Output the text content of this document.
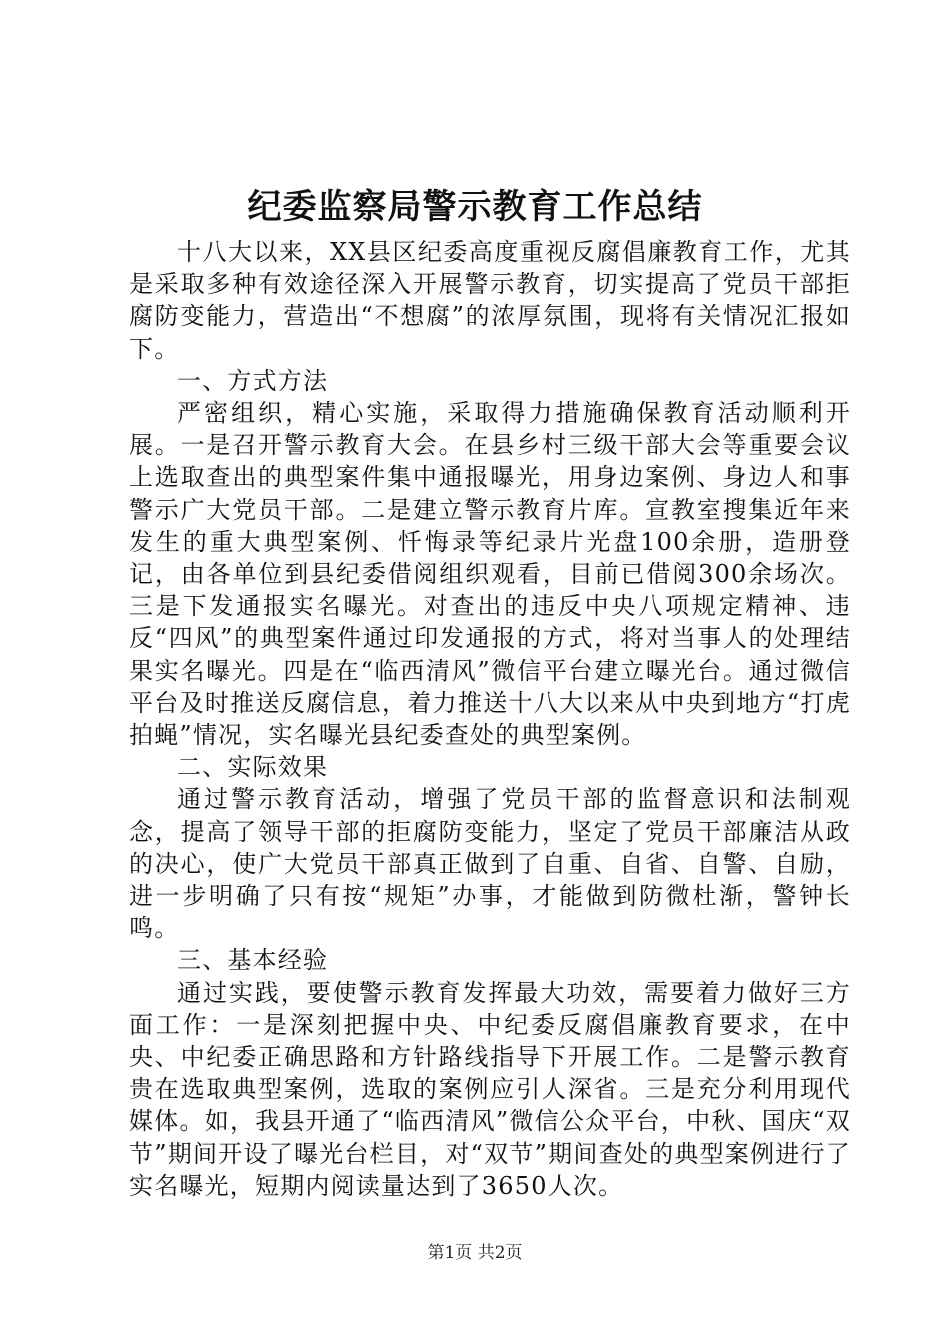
纪委监察局警示教育工作总结

十八大以来，XX县区纪委高度重视反腐倡廉教育工作，尤其是采取多种有效途径深入开展警示教育，切实提高了党员干部拒腐防变能力，营造出“不想腐”的浓厚氛围，现将有关情况汇报如下。

一、方式方法

严密组织，精心实施，采取得力措施确保教育活动顺利开展。一是召开警示教育大会。在县乡村三级干部大会等重要会议上选取查出的典型案件集中通报曝光，用身边案例、身边人和事警示广大党员干部。二是建立警示教育片库。宣教室搜集近年来发生的重大典型案例、忏悔录等纪录片光盘100余册，造册登记，由各单位到县纪委借阅组织观看，目前已借阅300余场次。三是下发通报实名曝光。对查出的违反中央八项规定精神、违反“四风”的典型案件通过印发通报的方式，将对当事人的处理结果实名曝光。四是在“临西清风”微信平台建立曝光台。通过微信平台及时推送反腐信息，着力推送十八大以来从中央到地方“打虎拍蝇”情况，实名曝光县纪委查处的典型案例。

二、实际效果

通过警示教育活动，增强了党员干部的监督意识和法制观念，提高了领导干部的拒腐防变能力，坚定了党员干部廉洁从政的决心，使广大党员干部真正做到了自重、自省、自警、自励，进一步明确了只有按“规矩”办事，才能做到防微杜渐，警钟长鸣。

三、基本经验

通过实践，要使警示教育发挥最大功效，需要着力做好三方面工作：一是深刻把握中央、中纪委反腐倡廉教育要求，在中央、中纪委正确思路和方针路线指导下开展工作。二是警示教育贵在选取典型案例，选取的案例应引人深省。三是充分利用现代媒体。如，我县开通了“临西清风”微信公众平台，中秋、国庆“双节”期间开设了曝光台栏目，对“双节”期间查处的典型案例进行了实名曝光，短期内阅读量达到了3650人次。

第1页 共2页
